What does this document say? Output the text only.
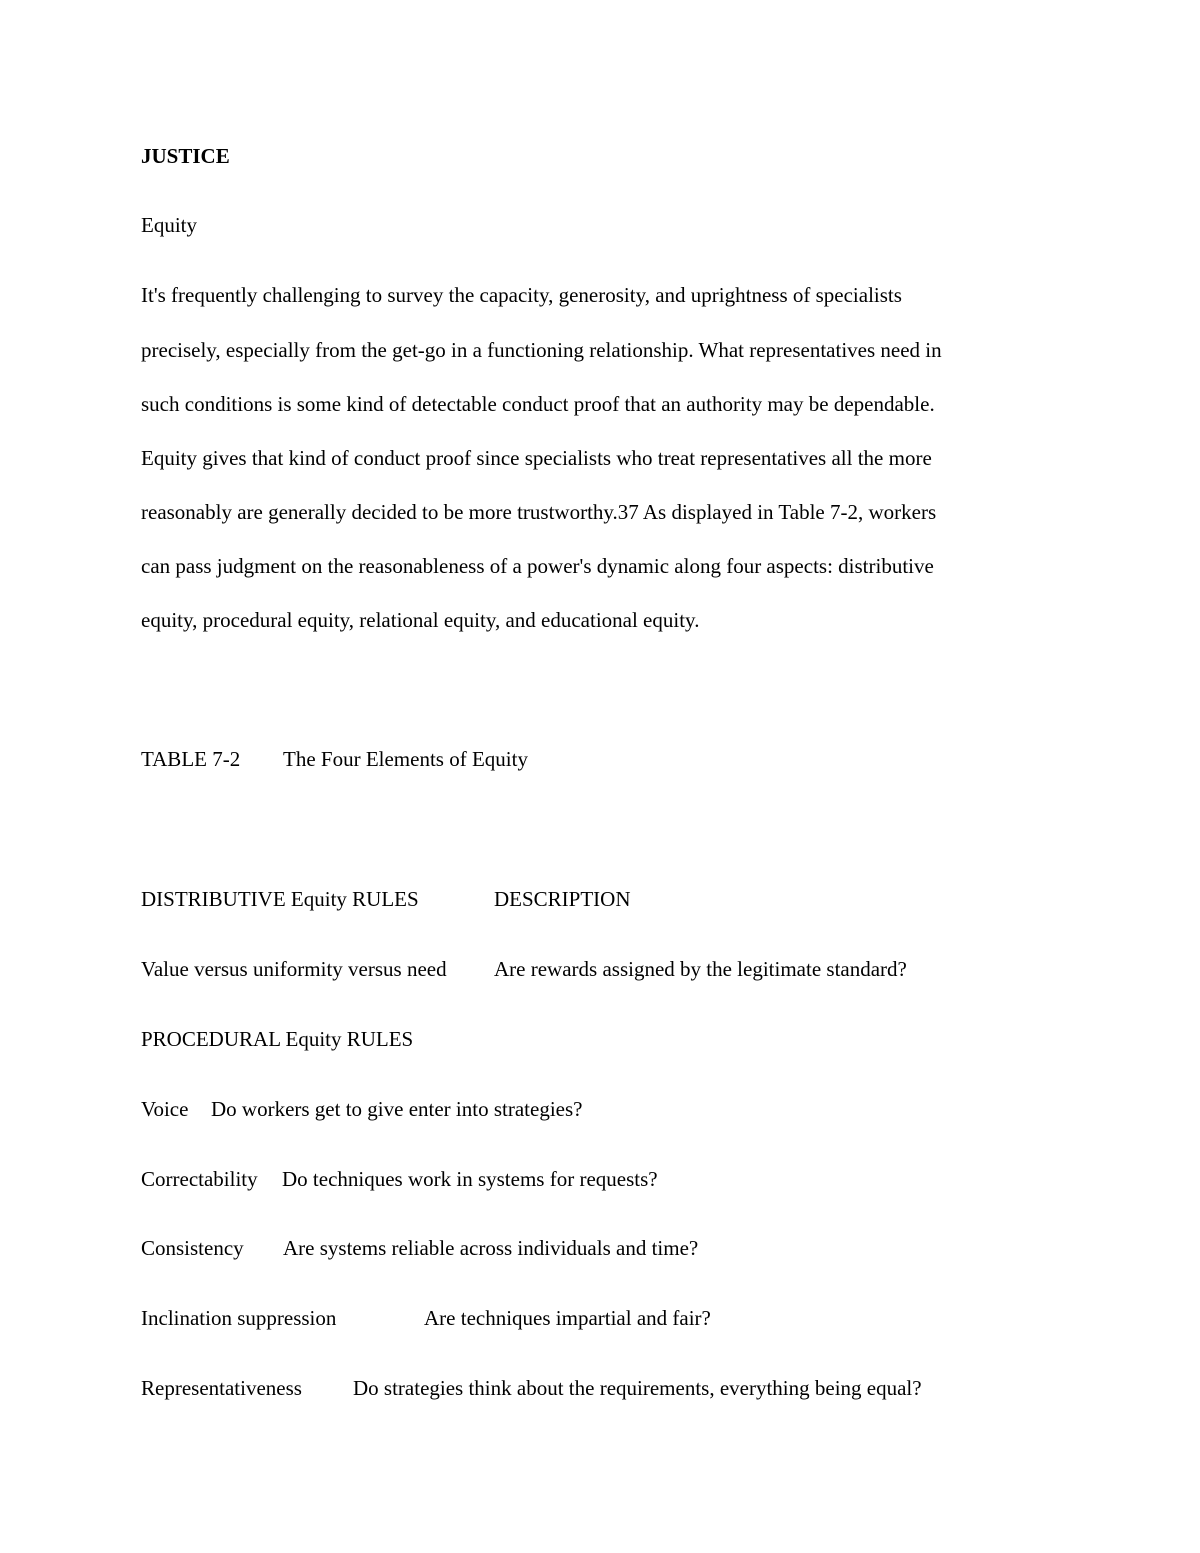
JUSTICE
Equity
It's frequently challenging to survey the capacity, generosity, and uprightness of specialists
precisely, especially from the get-go in a functioning relationship. What representatives need in
such conditions is some kind of detectable conduct proof that an authority may be dependable.
Equity gives that kind of conduct proof since specialists who treat representatives all the more
reasonably are generally decided to be more trustworthy.37 As displayed in Table 7-2, workers
can pass judgment on the reasonableness of a power's dynamic along four aspects: distributive
equity, procedural equity, relational equity, and educational equity.
TABLE 7-2 The Four Elements of Equity
DISTRIBUTIVE Equity RULES	DESCRIPTION
Value versus uniformity versus need Are rewards assigned by the legitimate standard?
PROCEDURAL Equity RULES
Voice Do workers get to give enter into strategies?
Correctability Do techniques work in systems for requests?
Consistency Are systems reliable across individuals and time?
Inclination suppression	Are techniques impartial and fair?
Representativeness Do strategies think about the requirements, everything being equal?
